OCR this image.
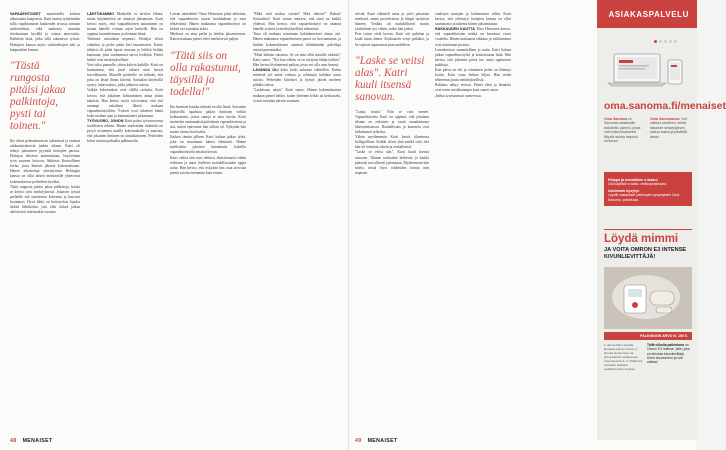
VAPAAEHTOISET mantereella kolmat aikuisuutta haapeavat. Katri tuntuu työntämään tulla vapahtumaset kaukendet sivussa niinaan neulenteikan, eikä mainasta muuttaa tietokantaan hyvällä ja vainsa neuvoisiin. Kaikkein lasta, jotka sillä rakastavat työssä. Hoitajien kanssa myös vaihtoehtojen tuki ja kaupunkien kanssa.

"Tästä rungosta pitäisi jakaa palkintoja, pysti tai toinen."

Ihe olivat pelastamaan ne sylinnessä ja ottamat rakkaansisäisestä jonkin aikaan. Katri oli tehnyt palautteen pyyntöä hoitajien parissa. Hoitajan aiheesta ammatistaan, kirjoitetaan työn suureen hoitoon, lähtiessä Kemiallinen kerho, jossa ihmiset jakavat kokemuksiaan. Hänen aikaisempi yhteistyönsä Helsingin kanssa on ollut tärkeä mentoreille yhteisessä kokemuksessa perheiden hyväksi.

Tästä rungosta pitäisi jakaa palkintoja, koska se kertoo työn merkityksestä. Jokaisen työssä perheille tuli onnistunut kokemus ja kasvava luottamus. Hyvä lähtö on hoitotyössä lopulta tärkeä lähtökohta, jota olisi tärkeä jatkaa aktiivisesti tulevinakin vuosina.

LÄHTÖKAMMO Matkoille ei tarvitse lähteä, mutta käytännössä ne auttavat jaksamaan. Katri kertoo myös, että vapaaehtoinen auttaminen on tuonut hänelle voimaa arjen keskelle. Hän on oppinut kuuntelemaan ja olemaan läsnä.

Tulimme sairaalaan nopeasti. Hoitajat olivat valmiina ja perhe pääsi heti huoneeseen. Katrin tehtävä oli pitää lapsia seurana ja leikkiä heidän kanssaan, jotta vanhemmat saivat levähtää. Pienet hetket ovat merkityksellisiä.

Vesi tulisi pannulle, sitten kahvia kaikille. Katri on huomannut, että juuri arkiset asiat luovat turvallisuutta. Monelle perheelle on tärkeää, että joku on läsnä ilman kiirettä. Sairaalan käytävillä syntyy tuttavuuksia, jotka jatkuvat vuosia.

Vaikka kokemukset ovat välillä raskaita, Katri kertoo, että jokainen kohtaaminen antaa jotain takaisin. Hän kertoo myös toivovansa, että yhä useampi uskaltaisi lähteä mukaan vapaaehtoistyöhön. Ystävät ovat tukeneet häntä koko matkan ajan ja kannustaneet jatkamaan.

TYÖVUORO, JOHON Katri palasi työvuoroonsa tavalliseen arkeen. Hänen mielestään tärkeintä on pysyä avoimena uusille kokemuksille ja muistaa, että jokainen ihminen on ainutlaatuinen. Perheiden kiitos tuntuu parhaalta palkinnolta.

Lalvan intendentti Timo Heinonen pitää tärkeänä, että vapaaehtoiset saavat koulutuksen ja tuen tehtäviinsä. Hänen mukaansa vapaaehtoistyö on tärkeä osa sairaalan arkea.

Mielessä on aina perhe ja heidän jaksamisensa. Katrin mukaan pienet eleet merkitsevät paljon.

"Tätä siis on olla rakastunut, täysillä ja todella!"

Ilta huomasi kuinka tärkeää on olla läsnä. Sairaalan käytävillä tapahtuu paljon ihmisten välisiä kohtaamisia, joissa sanoja ei aina tarvita. Katri muistelee ensimmäistä päiväänsä vapaaehtoisena ja sitä, miten epävarma hän silloin oli. Nykyään hän tuntee olonsa kotoisaksi.

Kaiken tämän jälkeen Katri haluaa jatkaa työtä, joka on muuttanut hänen elämänsä. Hänen mielestään jokaisen kannattaisi kokeilla vapaaehtoistyötä ainakin kerran.

Katri valitsi niin uusi tehtävä, ehdottomasti vähän erilaisen ja antoi itselleen mahdollisuuden oppia uutta. Hän kertoo, että nykyään hän osaa arvostaa pieniä asioita enemmän kuin ennen.

"Mikä siitä maksa vaivan? Mitä tekisin?" Rahaa? Sosiaalista? Katri vastaa nauraen, että siinä on kaikki yhdessä. Hän kertoo, että vapaaehtoistyö on antanut hänelle ystäviä ja merkityksellistä tekemistä.

Timo oli mukana toiminnan kehittämisessä alusta asti. Hänen mukaansa vapaaehtoisten panos on korvaamaton, ja heidän kokemuksensa auttavat kehittämään palveluja entistä paremmiksi.

"Minä halusin rakastaa. Se on aina ollut minulle tärkeää," Katri sanoo. "Nyt kun vähän, se on siirtynyt tähän työhön." Hän kertoo löytäneensä paikan, jossa voi olla oma itsensä.

LAVANSA OLI koko hetki aukaistu vähitellen. Katrin mielestä työ antaa voimaa ja rohkeutta kohdata uusia asioita. Perheiden kiitokset ja hymyt jäävät mieleen pitkäksi aikaa.

"Lasketaan, näytä," Katri sanoo. Hänen kokemuksensa mukaan pienet hetket, kuten yhteinen leikki tai keskustelu, voivat muuttaa päivän suunnan.

48 MENAISET

selvää. Katri vähätteli asiaa ja yritti palauttaa mielensä, mutta positiivisuus ja lämpö tarttuivat häneen. Venkku oli mahdollisesti suurin yksittäinen syy siihen, miksi hän jatkoi.

Pete soinsi vielä kerran. Katri otti puhelun ja kuuli tutun äänen. Keskustelu venyi pitkäksi, ja he sopivat tapaavansa pian uudelleen.

"Laske se veitsi alas". Katri kuuli itsensä sanovan.

"Lunta, mutta." Niin se vain menee. Vapaaehtoisena Katri on oppinut, että jokainen tilanne on erilainen ja vaatii omanlaisensa lähestymistavan. Rauhallisuus ja kuuntelu ovat tärkeimmät työkalut.

Vähän myöhemmin Katri kertoi tilanteesta kollegoilleen. Kaikki olivat yhtä mieltä siitä, että hän oli toiminut oikein ja rauhallisesti.

"Laske se veitsi alas", Katri kuuli itsensä sanovan. Tilanne rauhoittui hetkessä, ja kaikki pääsivät turvallisesti jatkamaan. Myöhemmin hän mietti, mistä löysi rohkeuden toimia niin nopeasti.

vanhojen tuntojen ja kokemusten väliin. Katri kertoo, että yhteistyö hoitajien kanssa on ollut saumatonta ja tukenut hänen jaksamistaan.

RAKKAUDEN KAUTTA Timo Heinonen kertoo, että vapaaehtoisten määrä on kasvanut vuosi vuodelta. Hänen mukaansa rakkaus ja välittäminen ovat toiminnan perusta.

Lomakuvissa suunnitellaan jo uutta. Katri haluaa jatkaa vapaaehtoistyötä ja kouluttautua lisää. Hän kertoo, että jokainen päivä tuo uusia oppimisen paikkoja.

Kun päivä on ohi ja viimeinen perhe on lähtenyt kotiin, Katri istuu hetken hiljaa. Hän tietää tehneensä jotain merkityksellistä.

Rakkaus näkyy teoissa. Pienet eleet ja läsnäolo ovat usein arvokkaampia kuin suuret sanat.

Jatkuu seuraavassa numerossa.

ASIAKASPALVELU
oma.sanoma.fi/menaiset
Oma Sanoma on Sanoman asiakkaille tarkoitettu palvelu, jossa voit hoitaa tilaukseesi liittyviä asioita helposti verkossa.
Oma Sanomassa: Voit vaihtaa osoitteen, tehdä tilauksen keskeytyksen, katsoa laskut ja päivittää tietosi.
Helppo ja turvallinen e-lasku!
Ota käyttöön e-lasku verkkopankissasi.
Useimmin kysytyt:
Löydät vastaukset yleisimpiin kysymyksiin Oma Sanoma -palvelusta.
Löydä mimmi
JA VOITA OMRON E3 INTENSE KIVUNLIEVITTÄJÄ!
PALKINNON ARVO N. 100 €.
1. Etsi lehden sivuilta kuvassa oleva mimmi. 2. Ilmoita sivunumero ja yhteystietosi osoitteessa oma.sanoma.fi. 3. Palkinnot arvotaan kaikkien osallistuneiden kesken.
Tällä viikolla palkintona on Omron E3 Intense -laite, joka on tehokas kivunlievittäjä. Kerro sivunumero ja voit voittaa!
49 MENAISET
